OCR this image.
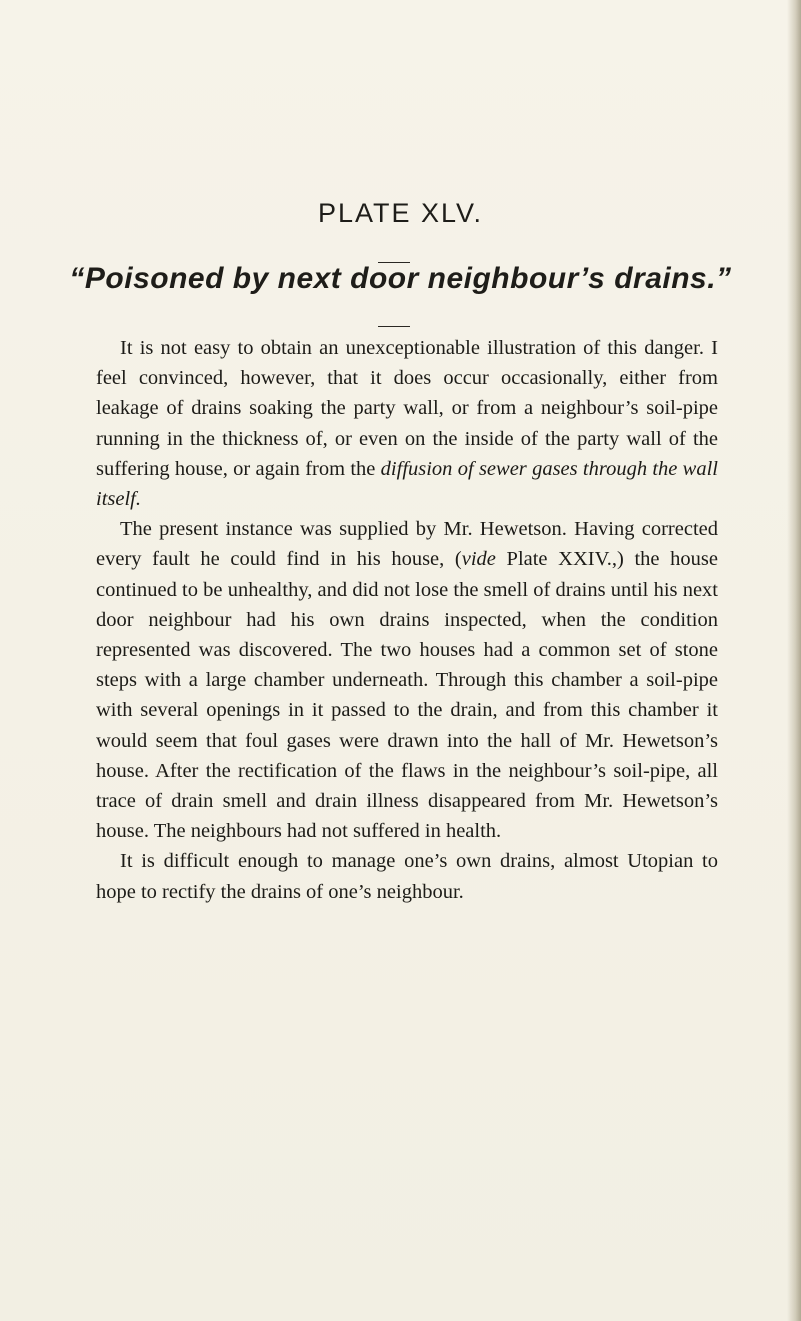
PLATE XLV.
“Poisoned by next door neighbour’s drains.”

It is not easy to obtain an unexceptionable illustration of this danger. I feel convinced, however, that it does occur occasionally, either from leakage of drains soaking the party wall, or from a neighbour’s soil-pipe running in the thickness of, or even on the inside of the party wall of the suffering house, or again from the diffusion of sewer gases through the wall itself.

The present instance was supplied by Mr. Hewetson. Having corrected every fault he could find in his house, (vide Plate XXIV.,) the house continued to be unhealthy, and did not lose the smell of drains until his next door neighbour had his own drains inspected, when the condition represented was discovered. The two houses had a common set of stone steps with a large chamber underneath. Through this chamber a soil-pipe with several openings in it passed to the drain, and from this chamber it would seem that foul gases were drawn into the hall of Mr. Hewetson’s house. After the rectification of the flaws in the neighbour’s soil-pipe, all trace of drain smell and drain illness disappeared from Mr. Hewetson’s house. The neighbours had not suffered in health.

It is difficult enough to manage one’s own drains, almost Utopian to hope to rectify the drains of one’s neighbour.
